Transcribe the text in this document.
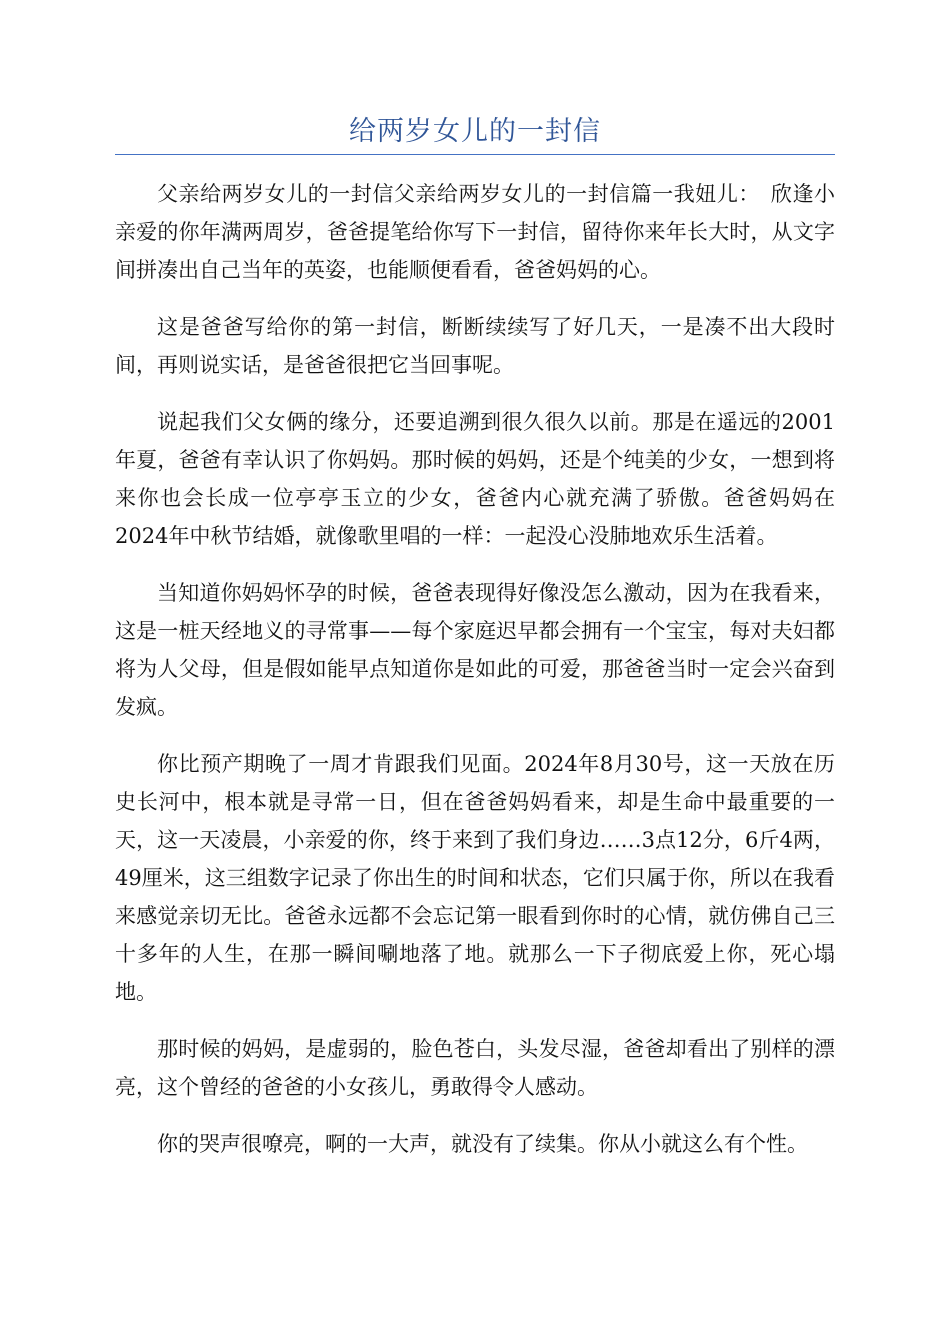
给两岁女儿的一封信

父亲给两岁女儿的一封信父亲给两岁女儿的一封信篇一我妞儿：　欣逢小亲爱的你年满两周岁，爸爸提笔给你写下一封信，留待你来年长大时，从文字间拼凑出自己当年的英姿，也能顺便看看，爸爸妈妈的心。

这是爸爸写给你的第一封信，断断续续写了好几天，一是凑不出大段时间，再则说实话，是爸爸很把它当回事呢。

说起我们父女俩的缘分，还要追溯到很久很久以前。那是在遥远的2001年夏，爸爸有幸认识了你妈妈。那时候的妈妈，还是个纯美的少女，一想到将来你也会长成一位亭亭玉立的少女，爸爸内心就充满了骄傲。爸爸妈妈在2024年中秋节结婚，就像歌里唱的一样：一起没心没肺地欢乐生活着。

当知道你妈妈怀孕的时候，爸爸表现得好像没怎么激动，因为在我看来，这是一桩天经地义的寻常事——每个家庭迟早都会拥有一个宝宝，每对夫妇都将为人父母，但是假如能早点知道你是如此的可爱，那爸爸当时一定会兴奋到发疯。

你比预产期晚了一周才肯跟我们见面。2024年8月30号，这一天放在历史长河中，根本就是寻常一日，但在爸爸妈妈看来，却是生命中最重要的一天，这一天凌晨，小亲爱的你，终于来到了我们身边……3点12分，6斤4两，49厘米，这三组数字记录了你出生的时间和状态，它们只属于你，所以在我看来感觉亲切无比。爸爸永远都不会忘记第一眼看到你时的心情，就仿佛自己三十多年的人生，在那一瞬间唰地落了地。就那么一下子彻底爱上你，死心塌地。

那时候的妈妈，是虚弱的，脸色苍白，头发尽湿，爸爸却看出了别样的漂亮，这个曾经的爸爸的小女孩儿，勇敢得令人感动。

你的哭声很嘹亮，啊的一大声，就没有了续集。你从小就这么有个性。
